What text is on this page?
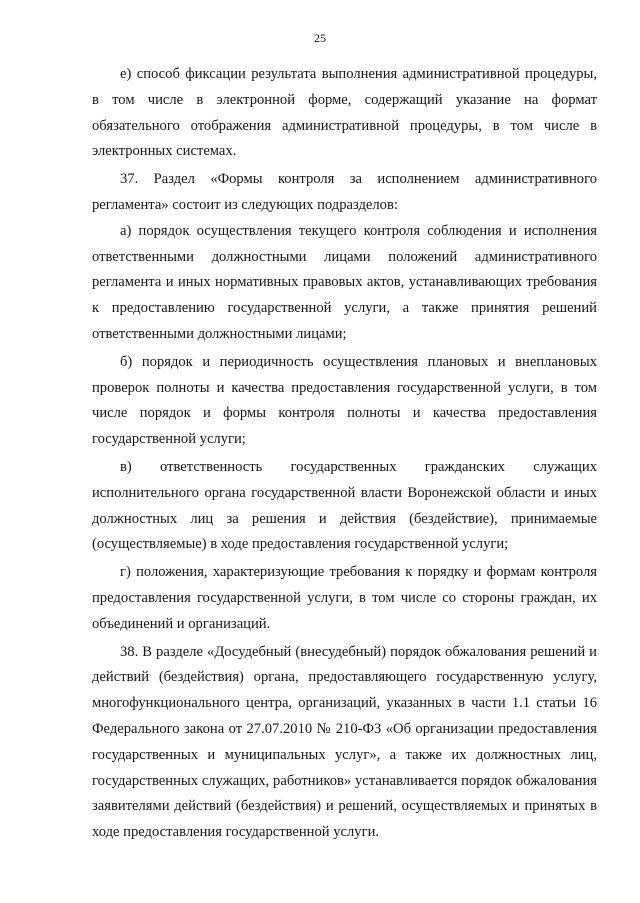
25

е) способ фиксации результата выполнения административной процедуры, в том числе в электронной форме, содержащий указание на формат обязательного отображения административной процедуры, в том числе в электронных системах.

37. Раздел «Формы контроля за исполнением административного регламента» состоит из следующих подразделов:

а) порядок осуществления текущего контроля соблюдения и исполнения ответственными должностными лицами положений административного регламента и иных нормативных правовых актов, устанавливающих требования к предоставлению государственной услуги, а также принятия решений ответственными должностными лицами;

б) порядок и периодичность осуществления плановых и внеплановых проверок полноты и качества предоставления государственной услуги, в том числе порядок и формы контроля полноты и качества предоставления государственной услуги;

в) ответственность государственных гражданских служащих исполнительного органа государственной власти Воронежской области и иных должностных лиц за решения и действия (бездействие), принимаемые (осуществляемые) в ходе предоставления государственной услуги;

г) положения, характеризующие требования к порядку и формам контроля предоставления государственной услуги, в том числе со стороны граждан, их объединений и организаций.

38. В разделе «Досудебный (внесудебный) порядок обжалования решений и действий (бездействия) органа, предоставляющего государственную услугу, многофункционального центра, организаций, указанных в части 1.1 статьи 16 Федерального закона от 27.07.2010 № 210-ФЗ «Об организации предоставления государственных и муниципальных услуг», а также их должностных лиц, государственных служащих, работников» устанавливается порядок обжалования заявителями действий (бездействия) и решений, осуществляемых и принятых в ходе предоставления государственной услуги.
